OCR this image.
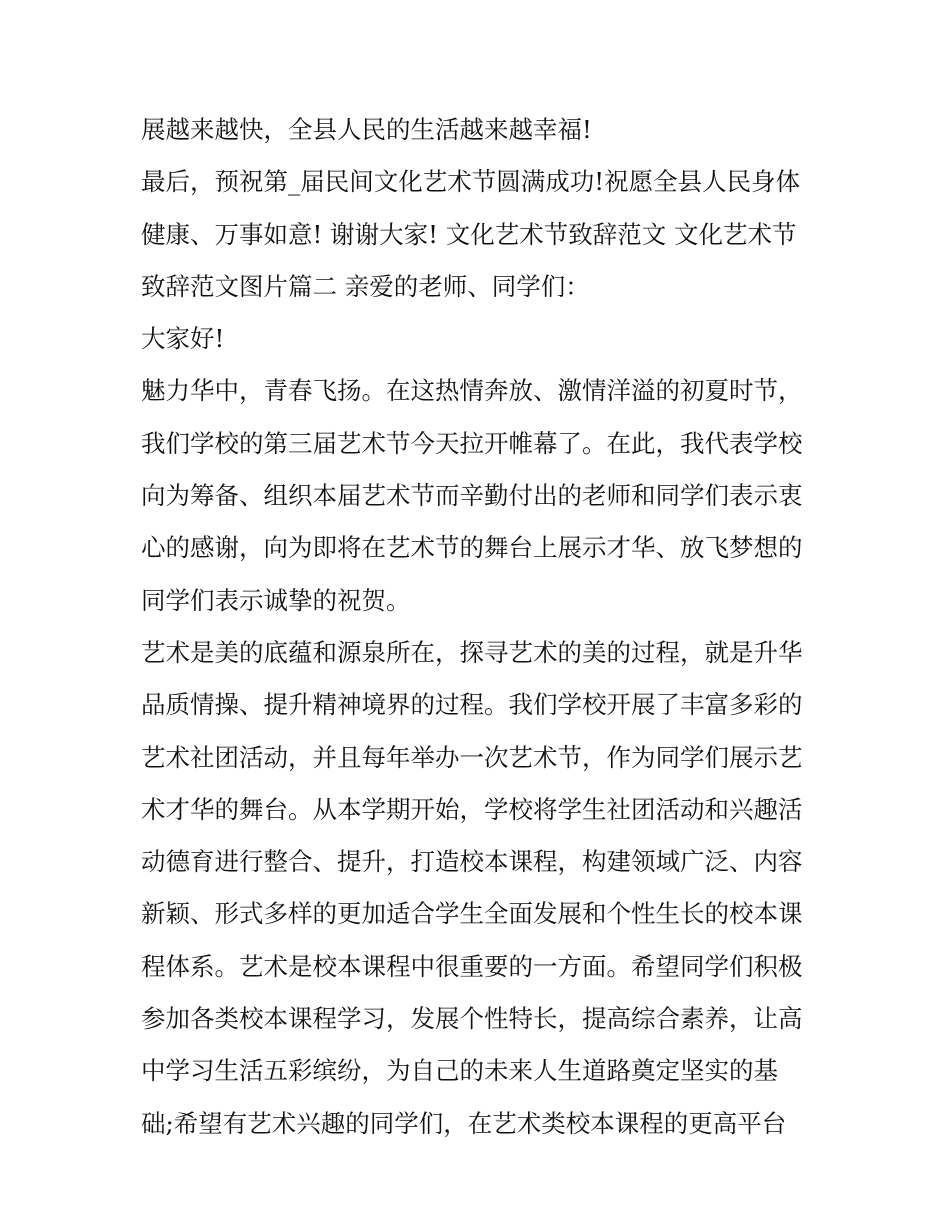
展越来越快，全县人民的生活越来越幸福!
最后，预祝第_届民间文化艺术节圆满成功!祝愿全县人民身体
健康、万事如意! 谢谢大家! 文化艺术节致辞范文 文化艺术节
致辞范文图片篇二 亲爱的老师、同学们：
大家好!
魅力华中，青春飞扬。在这热情奔放、激情洋溢的初夏时节，
我们学校的第三届艺术节今天拉开帷幕了。在此，我代表学校
向为筹备、组织本届艺术节而辛勤付出的老师和同学们表示衷
心的感谢，向为即将在艺术节的舞台上展示才华、放飞梦想的
同学们表示诚挚的祝贺。
艺术是美的底蕴和源泉所在，探寻艺术的美的过程，就是升华
品质情操、提升精神境界的过程。我们学校开展了丰富多彩的
艺术社团活动，并且每年举办一次艺术节，作为同学们展示艺
术才华的舞台。从本学期开始，学校将学生社团活动和兴趣活
动德育进行整合、提升，打造校本课程，构建领域广泛、内容
新颖、形式多样的更加适合学生全面发展和个性生长的校本课
程体系。艺术是校本课程中很重要的一方面。希望同学们积极
参加各类校本课程学习，发展个性特长，提高综合素养，让高
中学习生活五彩缤纷，为自己的未来人生道路奠定坚实的基
础;希望有艺术兴趣的同学们，在艺术类校本课程的更高平台
